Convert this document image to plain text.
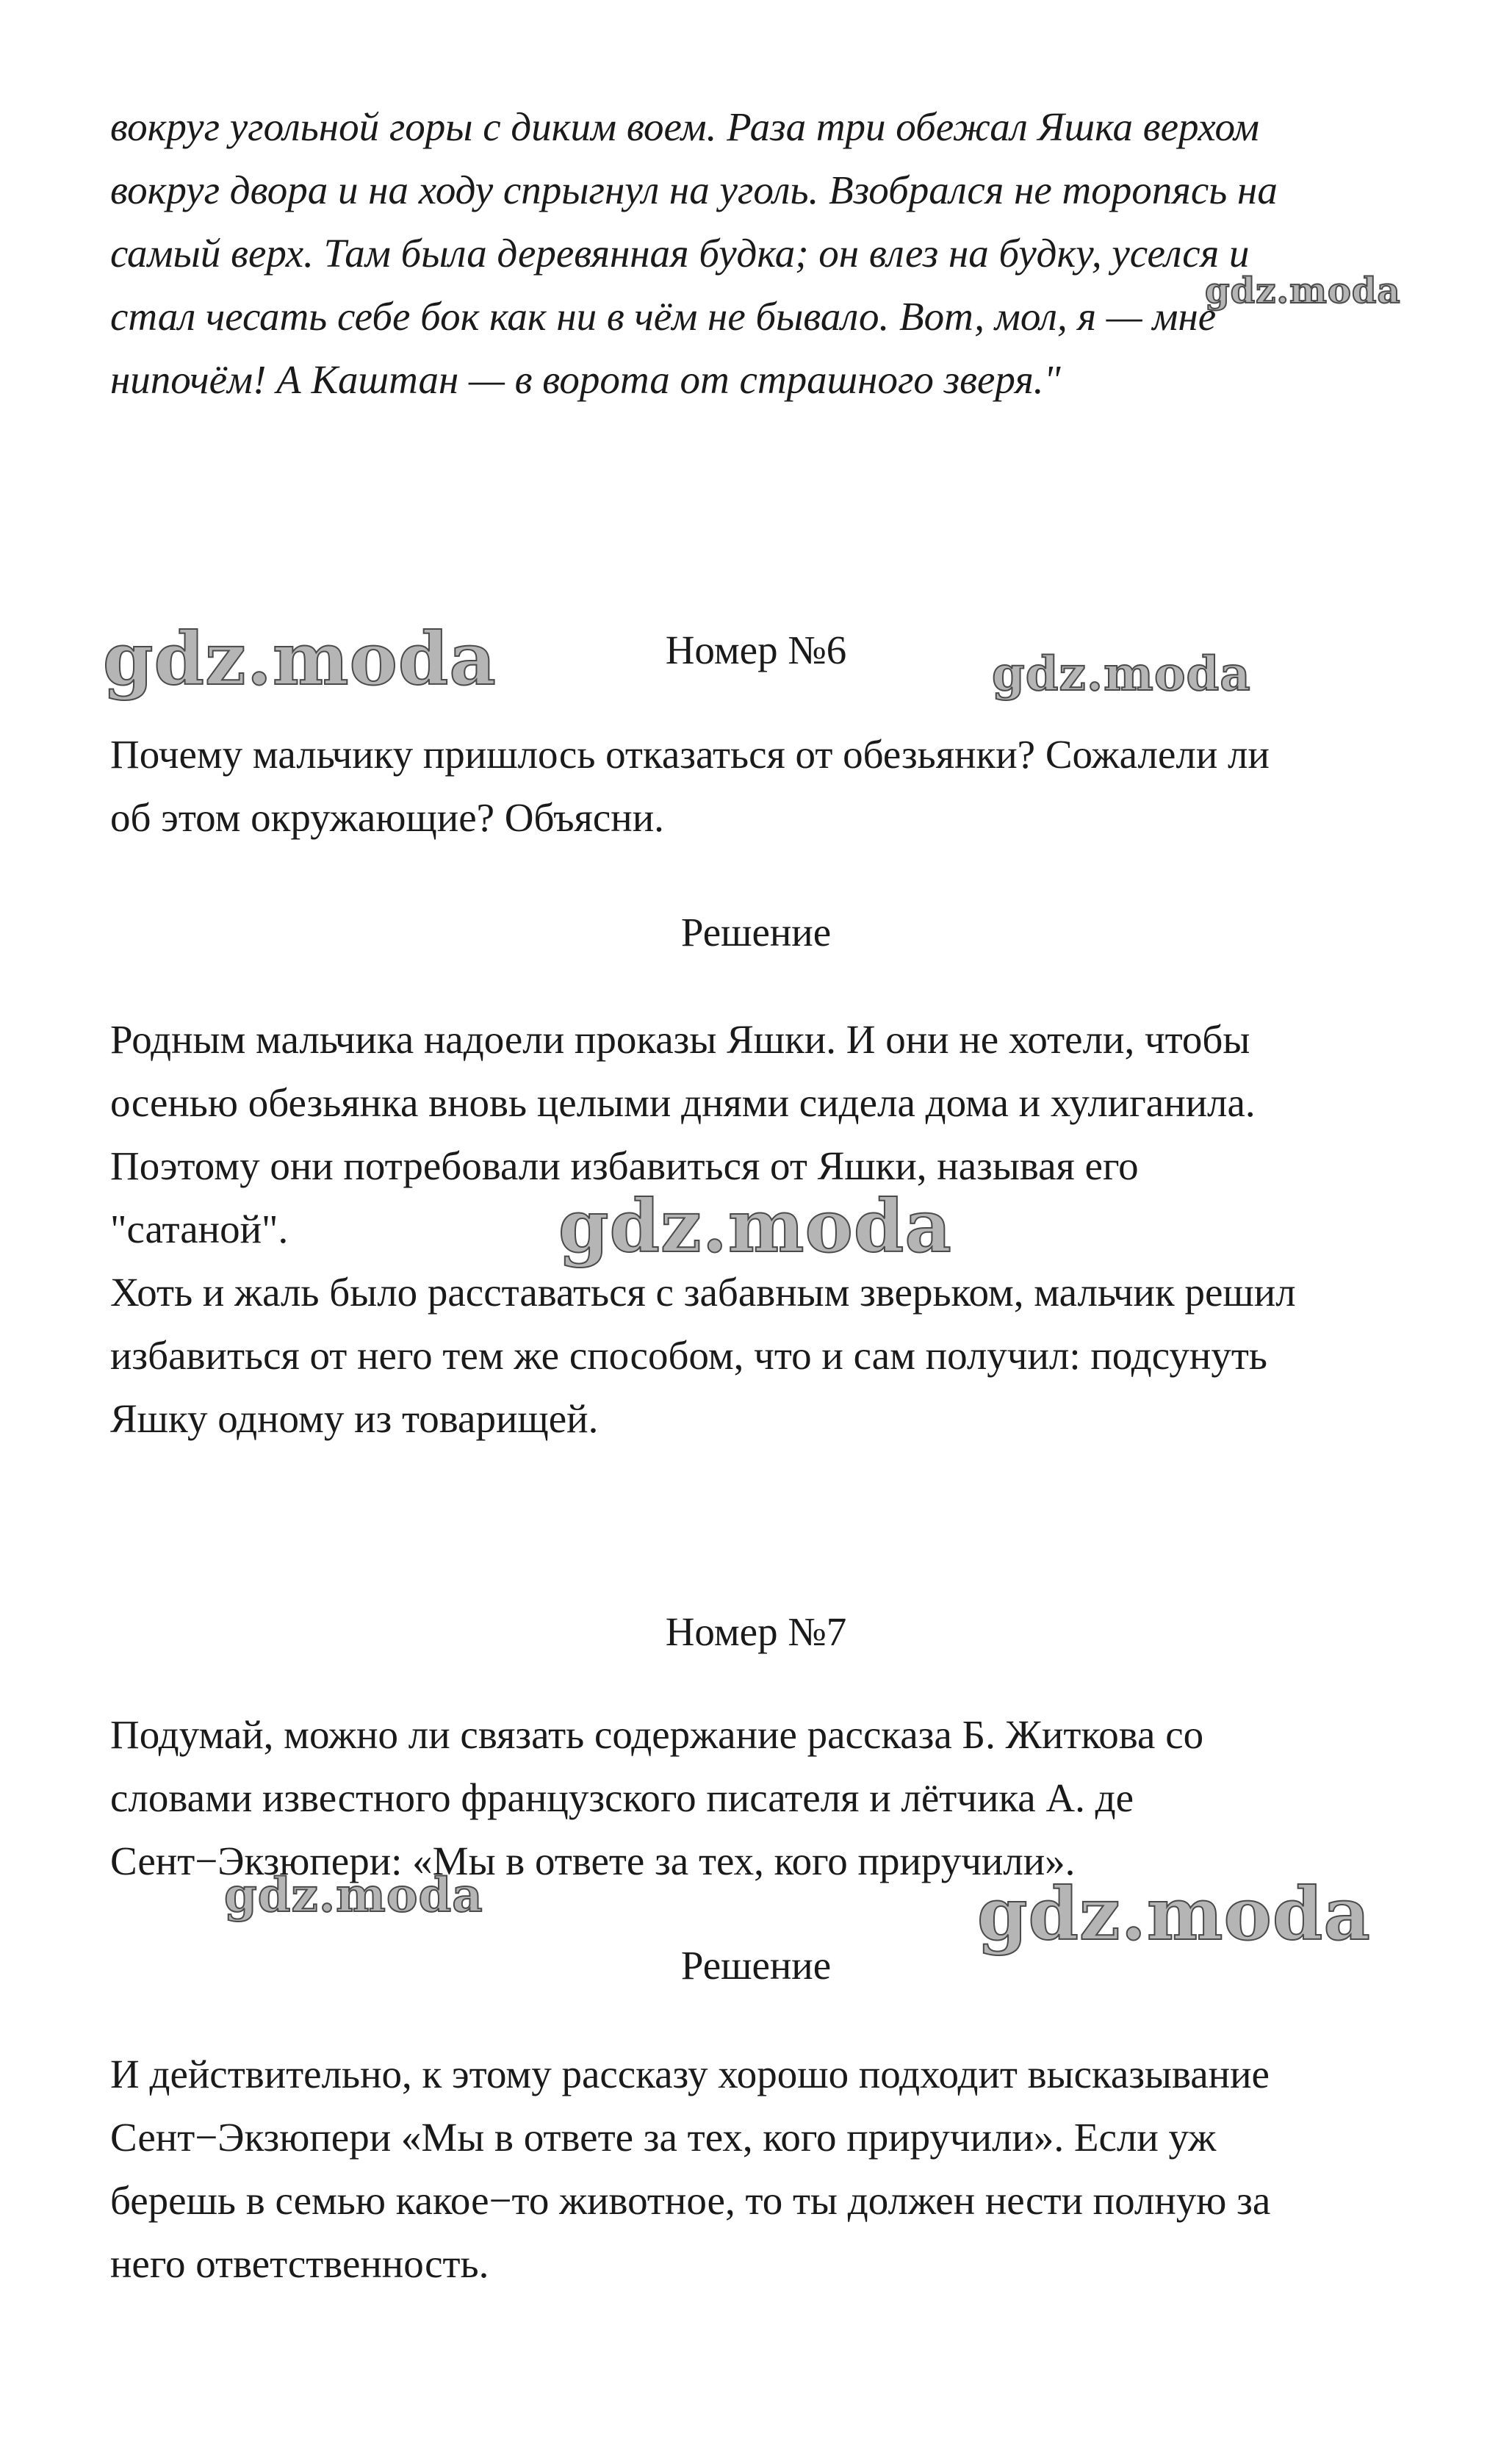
вокруг угольной горы с диким воем. Раза три обежал Яшка верхом

вокруг двора и на ходу спрыгнул на уголь. Взобрался не торопясь на

самый верх. Там была деревянная будка; он влез на будку, уселся и

стал чесать себе бок как ни в чём не бывало. Вот, мол, я — мне

нипочём! А Каштан — в ворота от страшного зверя."

Номер №6

Почему мальчику пришлось отказаться от обезьянки? Сожалели ли

об этом окружающие? Объясни.

Решение

Родным мальчика надоели проказы Яшки. И они не хотели, чтобы

осенью обезьянка вновь целыми днями сидела дома и хулиганила.

Поэтому они потребовали избавиться от Яшки, называя его

"сатаной".

Хоть и жаль было расставаться с забавным зверьком, мальчик решил

избавиться от него тем же способом, что и сам получил: подсунуть

Яшку одному из товарищей.

Номер №7

Подумай, можно ли связать содержание рассказа Б. Житкова со

словами известного французского писателя и лётчика А. де

Сент−Экзюпери: «Мы в ответе за тех, кого приручили».

Решение

И действительно, к этому рассказу хорошо подходит высказывание

Сент−Экзюпери «Мы в ответе за тех, кого приручили». Если уж

берешь в семью какое−то животное, то ты должен нести полную за

него ответственность.

gdz.moda
gdz.moda	gdz.moda
gdz.moda
gdz.moda	gdz.moda
